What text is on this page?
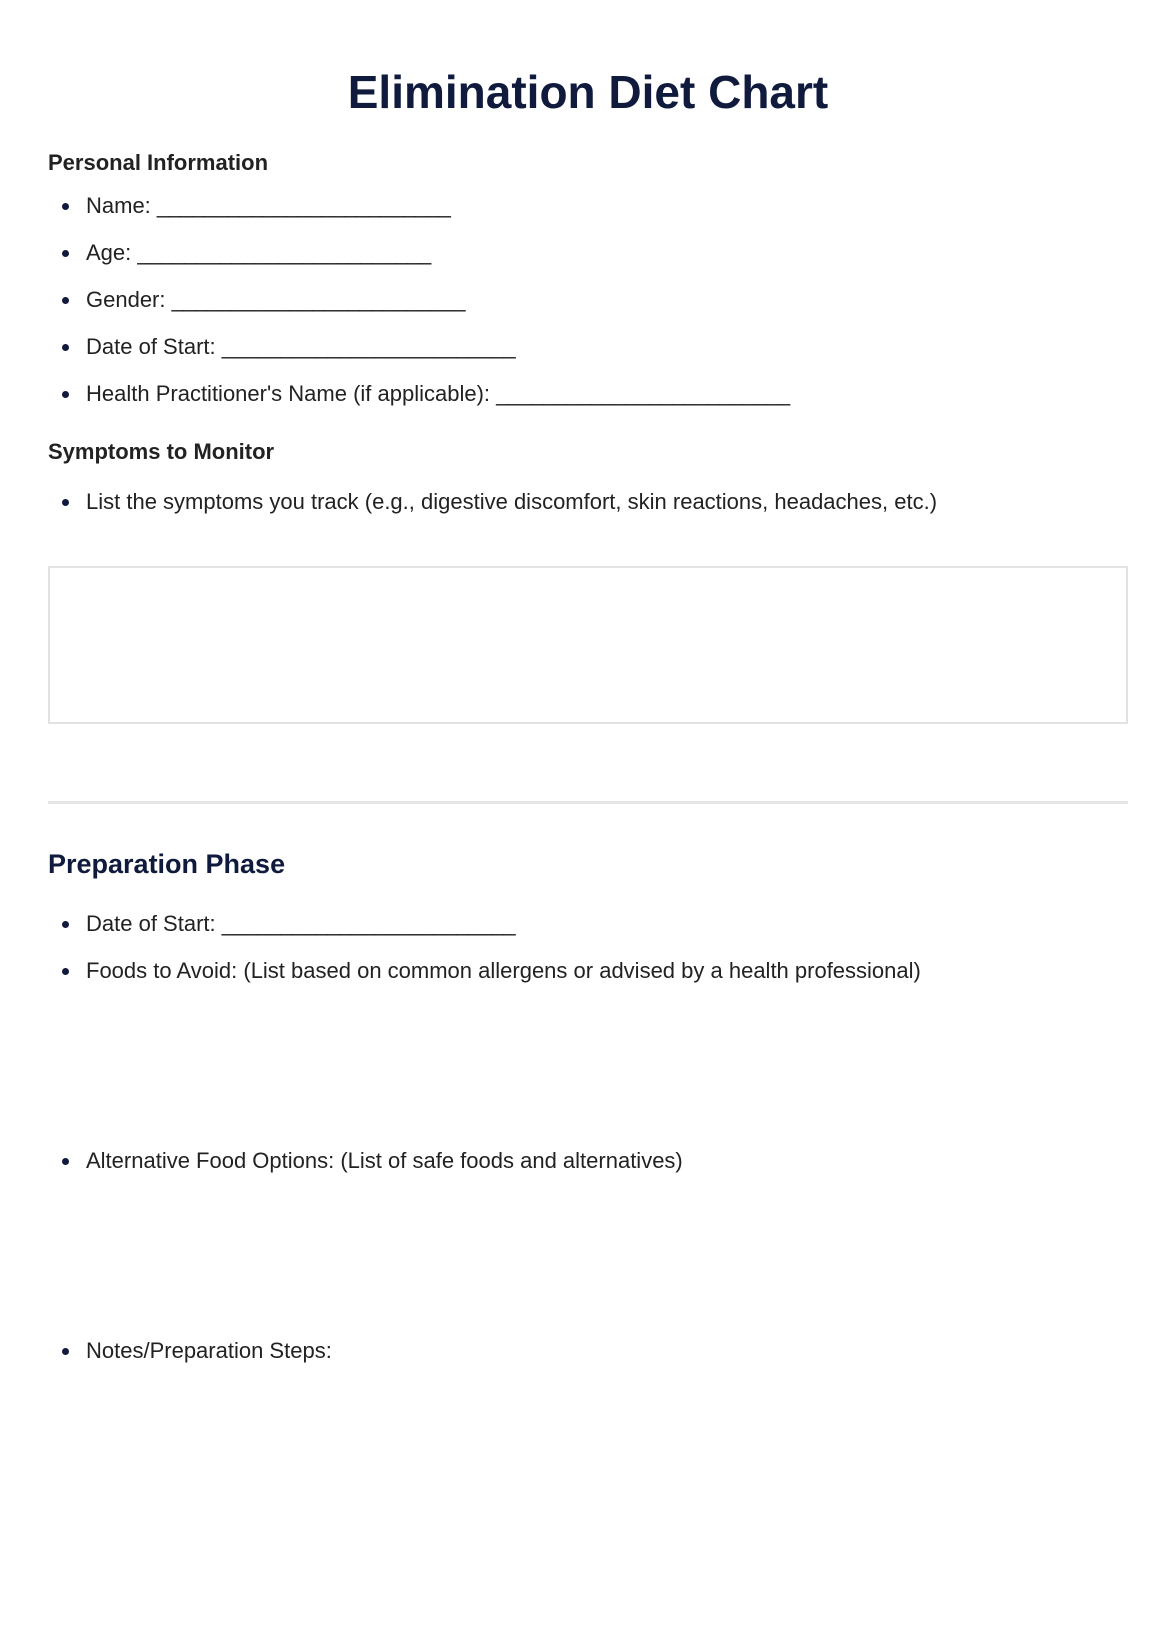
Elimination Diet Chart
Personal Information
Name: _________________________
Age: _________________________
Gender: _________________________
Date of Start: _________________________
Health Practitioner's Name (if applicable): _________________________
Symptoms to Monitor
List the symptoms you track (e.g., digestive discomfort, skin reactions, headaches, etc.)
Preparation Phase
Date of Start: _________________________
Foods to Avoid: (List based on common allergens or advised by a health professional)
Alternative Food Options: (List of safe foods and alternatives)
Notes/Preparation Steps:
